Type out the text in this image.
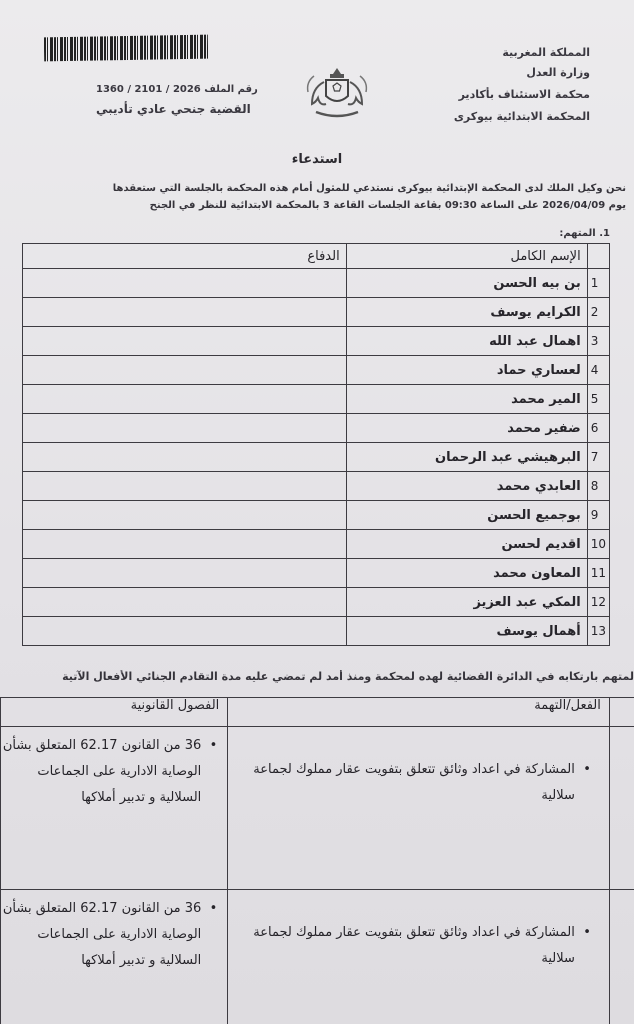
المملكة المغربية
وزارة العدل
محكمة الاستئناف بأكادير
المحكمة الابتدائية بيوكرى
رقم الملف 2026 / 2101 / 1360
القضية جنحي عادي تأديبي
استدعاء
نحن وكيل الملك لدى المحكمة الإبتدائية بيوكرى نستدعي للمثول أمام هذه المحكمة بالجلسة التي ستعقدها
يوم 2026/04/09 على الساعة 09:30 بقاعة الجلسات القاعة 3 بالمحكمة الابتدائية للنظر في الجنح
1. المتهم:
	الإسم الكامل	الدفاع
1	بن بيه الحسن	
2	الكرايم يوسف	
3	اهمال عبد الله	
4	لعساري حماد	
5	المير محمد	
6	ضفير محمد	
7	البرهيشي عبد الرحمان	
8	العابدي محمد	
9	بوجميع الحسن	
10	اقديم لحسن	
11	المعاون محمد	
12	المكي عبد العزيز	
13	أهمال يوسف	
لمتهم بارتكابه في الدائرة القضائية لهده لمحكمة ومنذ أمد لم تمضي عليه مدة التقادم الجنائي الأفعال الآتية
	الفعل/التهمة	الفصول القانونية

	• المشاركة في اعداد وثائق تتعلق بتفويت عقار مملوك لجماعة سلالية	• 36 من القانون 62.17 المتعلق بشأن الوصاية الادارية على الجماعات السلالية و تدبير أملاكها

	• المشاركة في اعداد وثائق تتعلق بتفويت عقار مملوك لجماعة سلالية	• 36 من القانون 62.17 المتعلق بشأن الوصاية الادارية على الجماعات السلالية و تدبير أملاكها
